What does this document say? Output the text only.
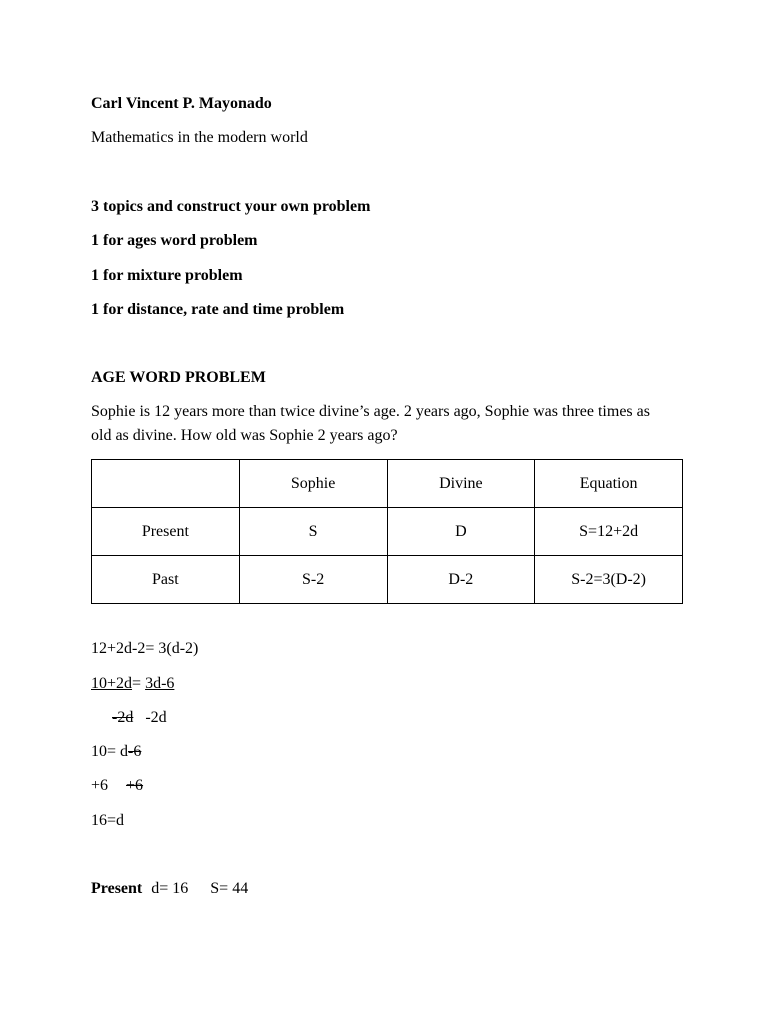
Carl Vincent P. Mayonado
Mathematics in the modern world
3 topics and construct your own problem
1 for ages word problem
1 for mixture problem
1 for distance, rate and time problem
AGE WORD PROBLEM
Sophie is 12 years more than twice divine’s age. 2 years ago, Sophie was three times as old as divine. How old was Sophie 2 years ago?
	Sophie	Divine	Equation
Present	S	D	S=12+2d
Past	S-2	D-2	S-2=3(D-2)
12+2d-2= 3(d-2)
10+2d= 3d-6
-2d -2d
10= d-6
+6 +6
16=d
Present d= 16 S= 44
